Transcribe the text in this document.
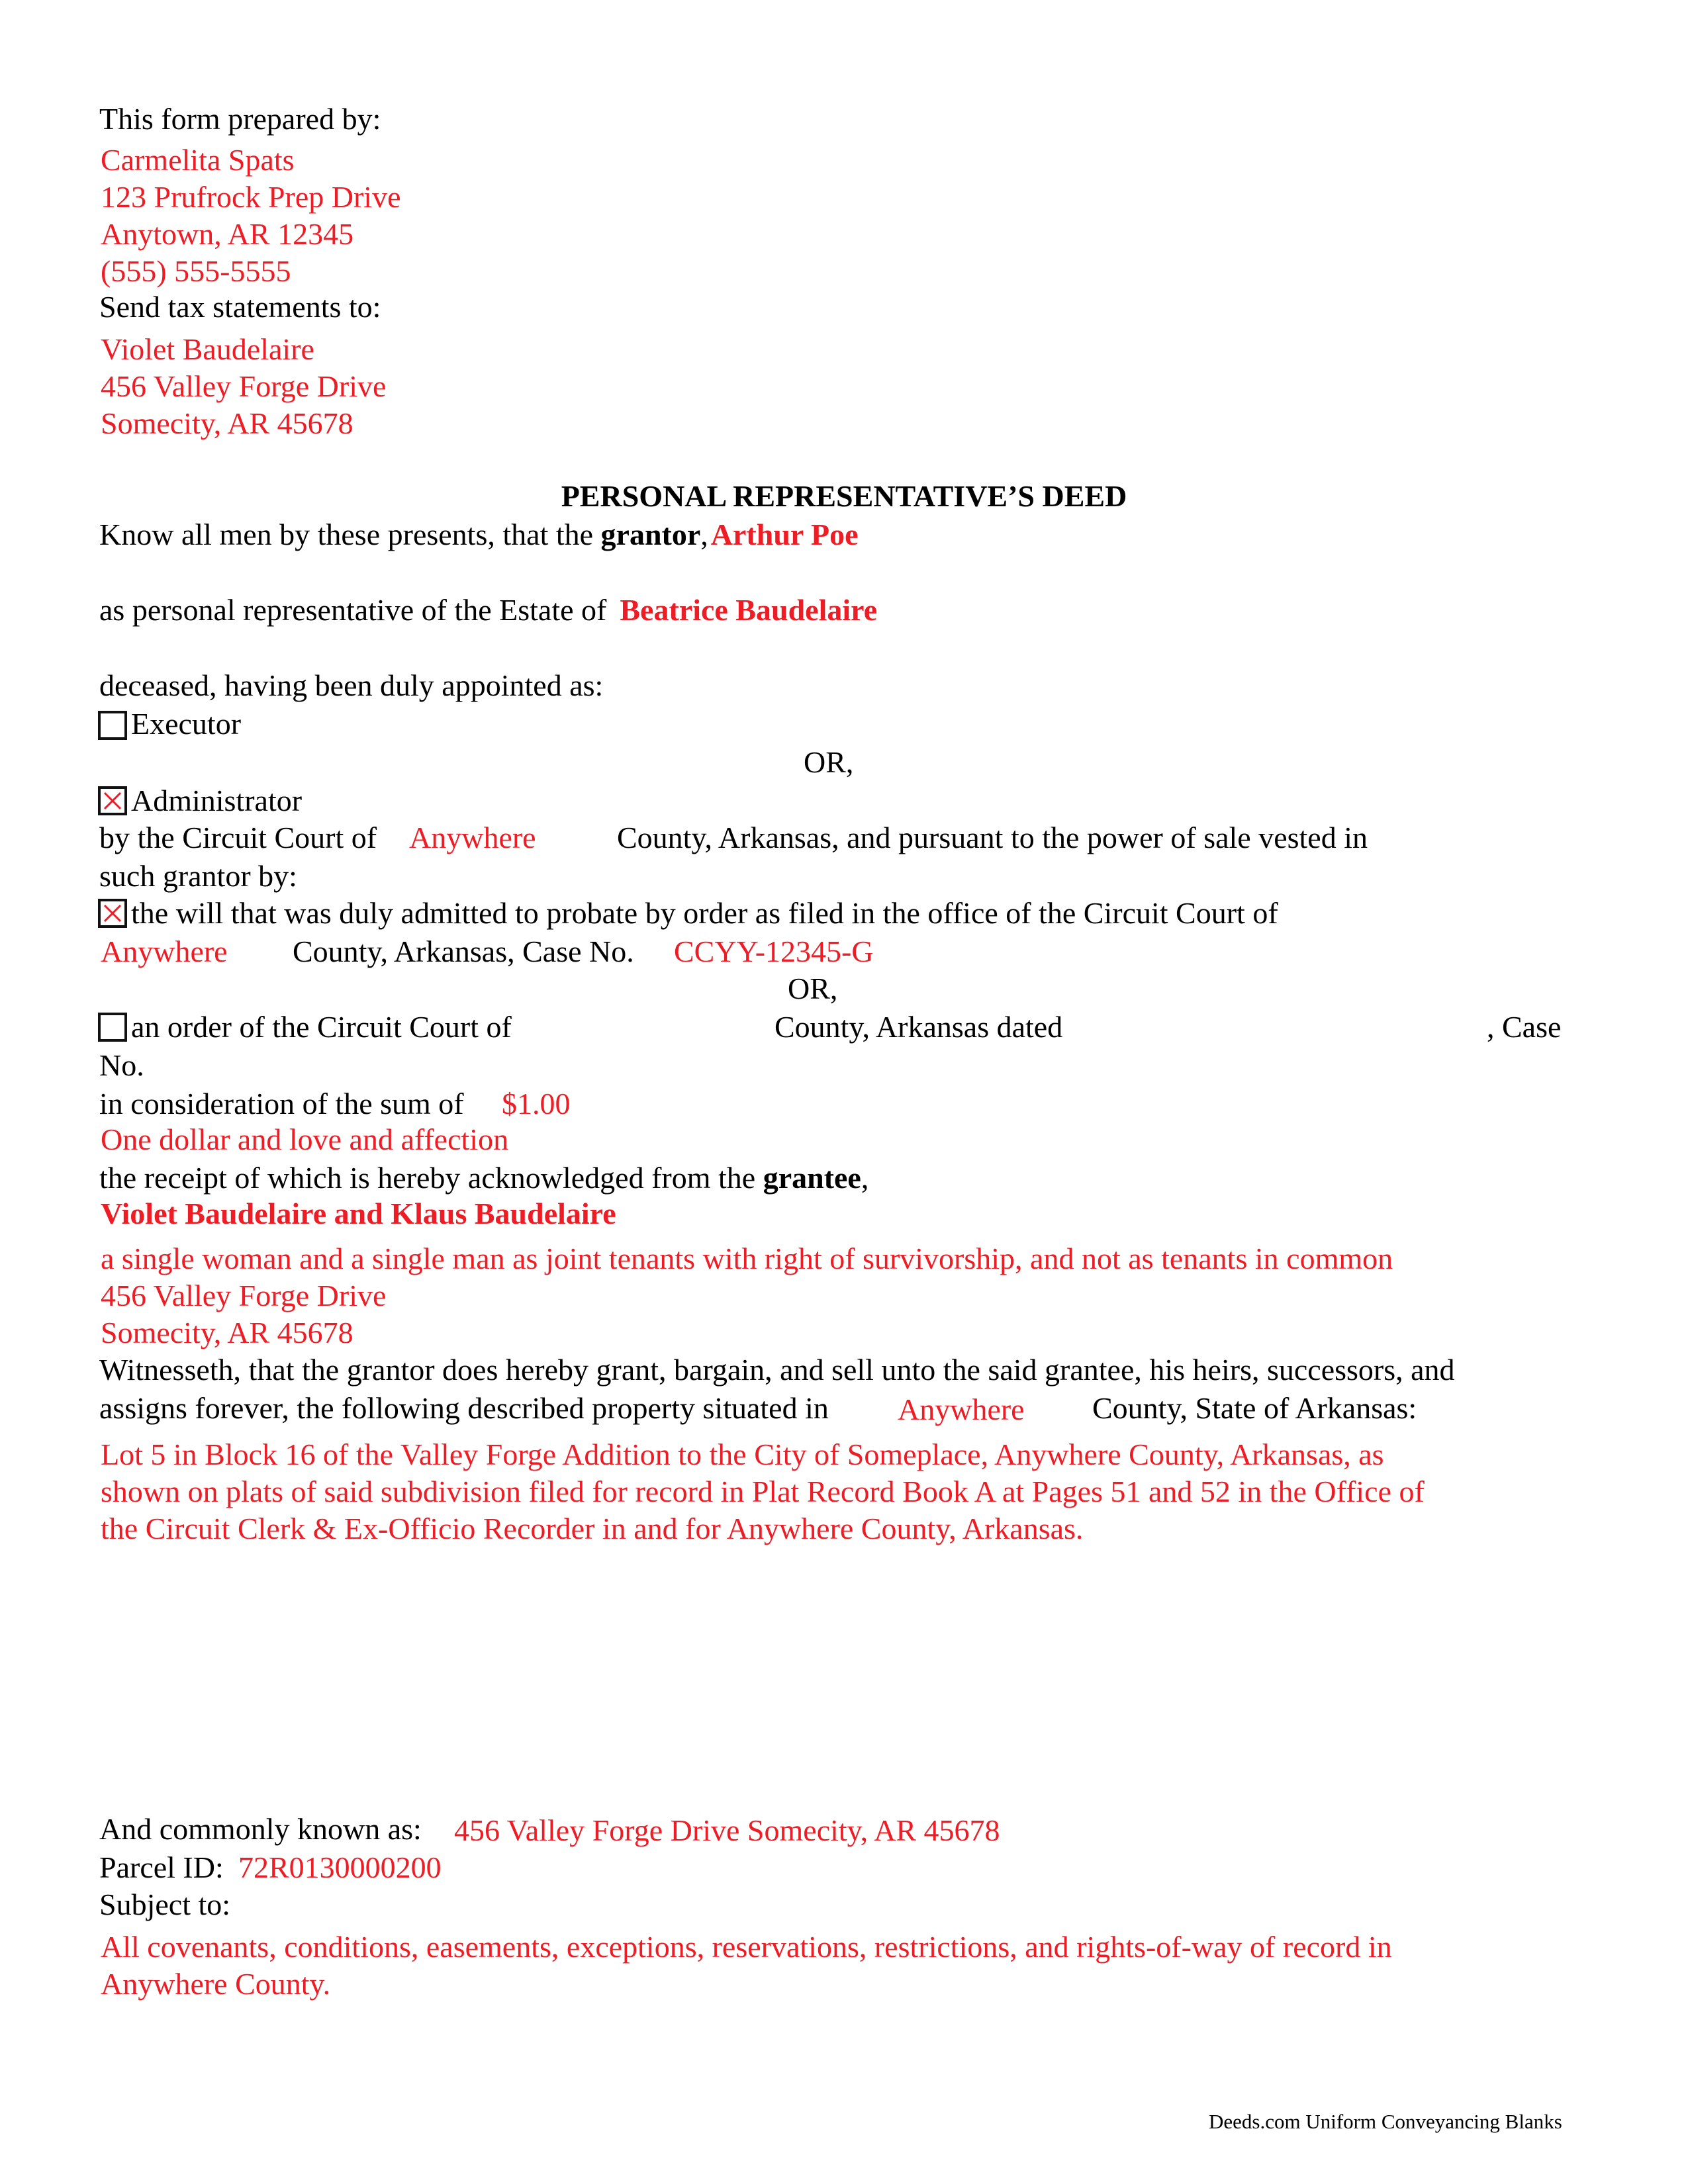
This form prepared by:
Carmelita Spats
123 Prufrock Prep Drive
Anytown, AR 12345
(555) 555-5555
Send tax statements to:
Violet Baudelaire
456 Valley Forge Drive
Somecity, AR 45678
PERSONAL REPRESENTATIVE’S DEED
Know all men by these presents, that the grantor,Arthur Poe
as personal representative of the Estate of Beatrice Baudelaire
deceased, having been duly appointed as:
Executor
OR,
Administrator
by the Circuit Court of Anywhere	County, Arkansas, and pursuant to the power of sale vested in
such grantor by:
the will that was duly admitted to probate by order as filed in the office of the Circuit Court of
Anywhere County, Arkansas, Case No. CCYY-12345-G
OR,
an order of the Circuit Court of	County, Arkansas dated	, Case
No.
in consideration of the sum of $1.00
One dollar and love and affection
the receipt of which is hereby acknowledged from the grantee,
Violet Baudelaire and Klaus Baudelaire
a single woman and a single man as joint tenants with right of survivorship, and not as tenants in common
456 Valley Forge Drive
Somecity, AR 45678
Witnesseth, that the grantor does hereby grant, bargain, and sell unto the said grantee, his heirs, successors, and
assigns forever, the following described property situated in Anywhere County, State of Arkansas:
Lot 5 in Block 16 of the Valley Forge Addition to the City of Someplace, Anywhere County, Arkansas, as
shown on plats of said subdivision filed for record in Plat Record Book A at Pages 51 and 52 in the Office of
the Circuit Clerk & Ex-Officio Recorder in and for Anywhere County, Arkansas.
And commonly known as: 456 Valley Forge Drive Somecity, AR 45678
Parcel ID: 72R0130000200
Subject to:
All covenants, conditions, easements, exceptions, reservations, restrictions, and rights-of-way of record in
Anywhere County.
Deeds.com Uniform Conveyancing Blanks
